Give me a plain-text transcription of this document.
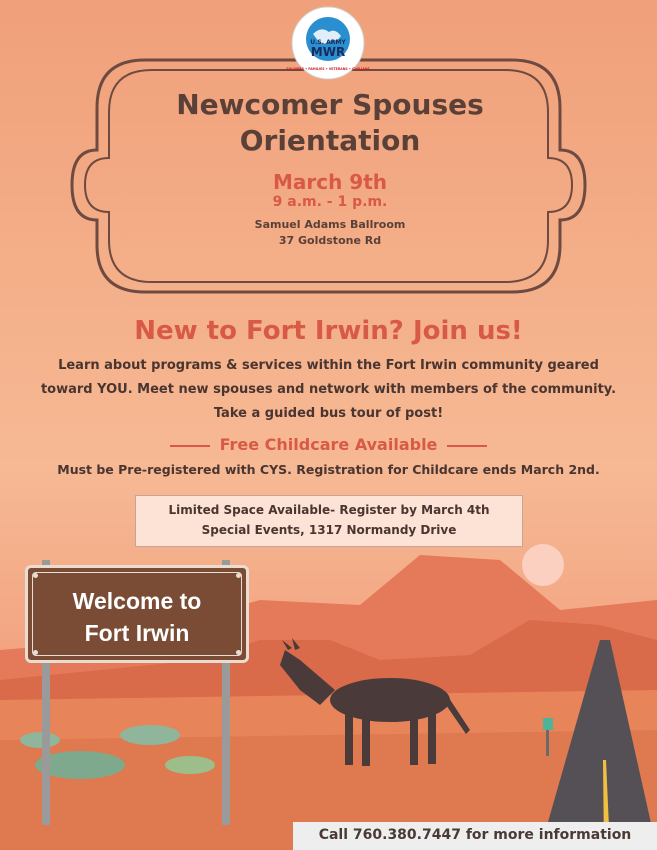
U.S. ARMY
MWR
SOLDIERS • FAMILIES • VETERANS • CIVILIANS
Newcomer Spouses
Orientation
March 9th
9 a.m. - 1 p.m.
Samuel Adams Ballroom
37 Goldstone Rd
New to Fort Irwin? Join us!
Learn about programs & services within the Fort Irwin community geared
toward YOU. Meet new spouses and network with members of the community.
Take a guided bus tour of post!
Free Childcare Available
Must be Pre-registered with CYS. Registration for Childcare ends March 2nd.
Limited Space Available- Register by March 4th
Special Events, 1317 Normandy Drive
Welcome to
Fort Irwin
Call 760.380.7447 for more information
